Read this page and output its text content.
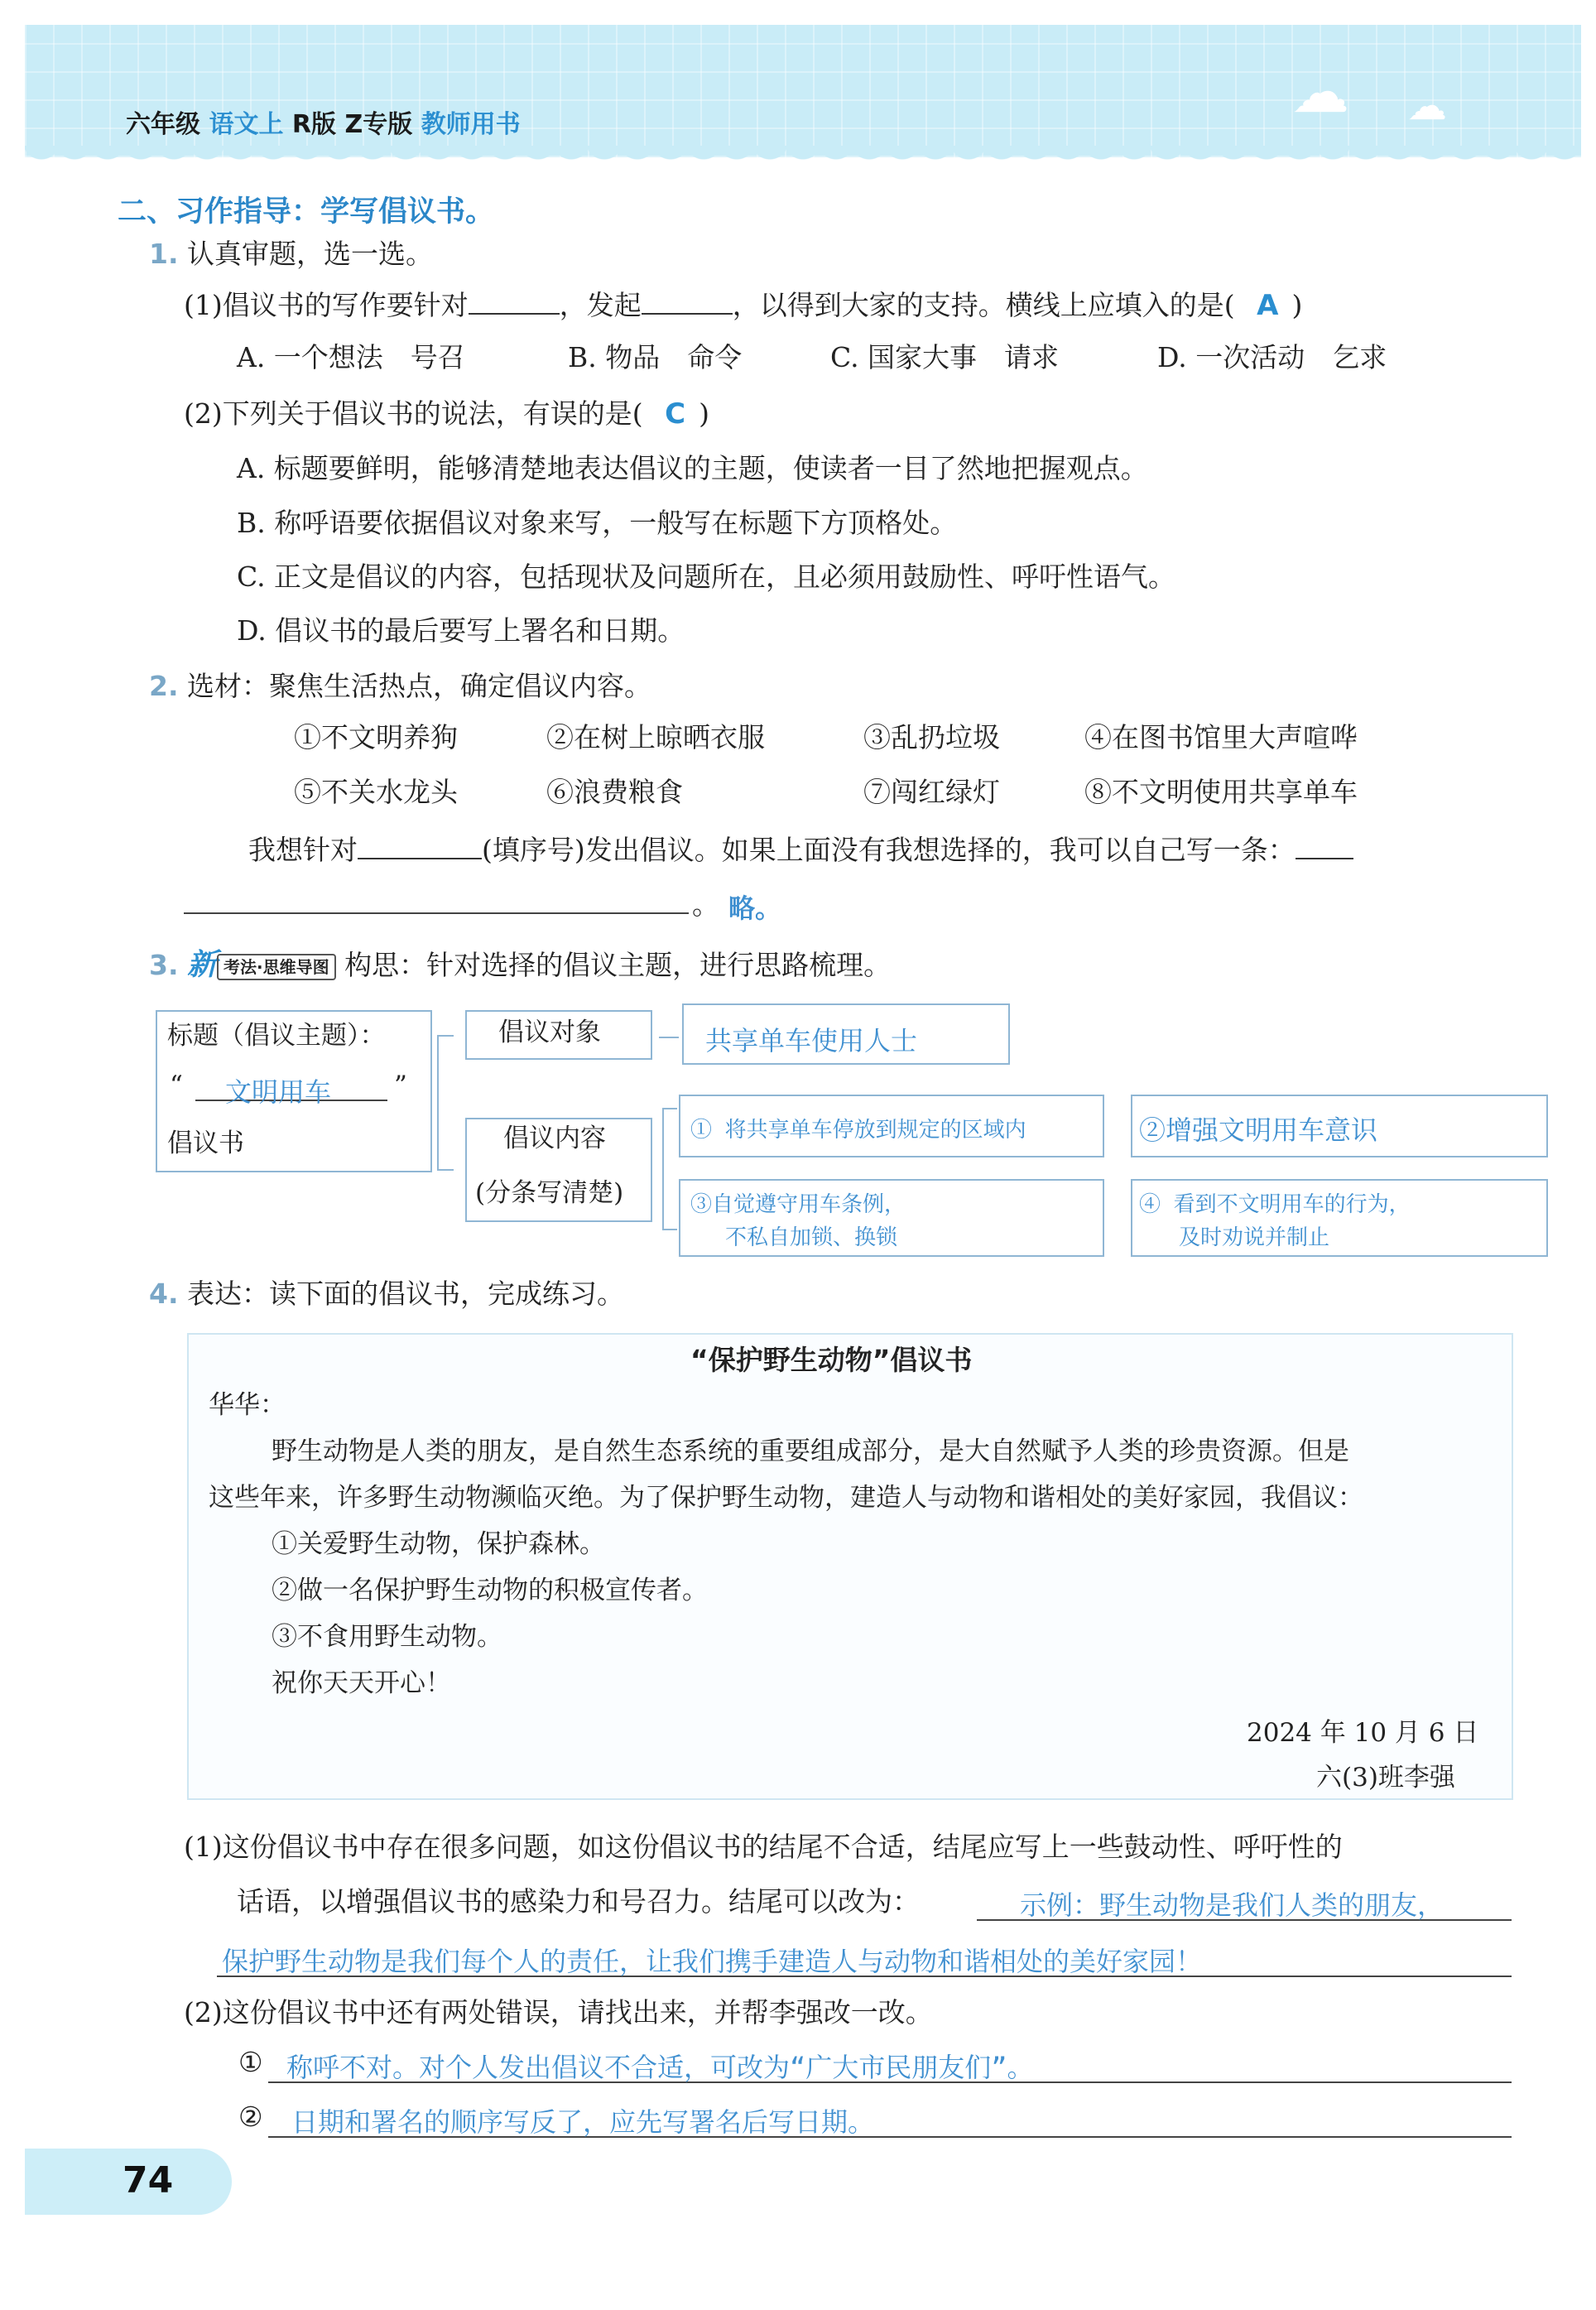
☁ ☁
六年级 语文上 R版 Z专版 教师用书
二、习作指导：学写倡议书。
1. 认真审题，选一选。
(1)倡议书的写作要针对	，发起	，以得到大家的支持。横线上应填入的是( A )
A. 一个想法　号召	B. 物品　命令	C. 国家大事　请求	D. 一次活动　乞求
(2)下列关于倡议书的说法，有误的是( C )
A. 标题要鲜明，能够清楚地表达倡议的主题，使读者一目了然地把握观点。
B. 称呼语要依据倡议对象来写，一般写在标题下方顶格处。
C. 正文是倡议的内容，包括现状及问题所在，且必须用鼓励性、呼吁性语气。
D. 倡议书的最后要写上署名和日期。
2. 选材：聚焦生活热点，确定倡议内容。
①不文明养狗	②在树上晾晒衣服	③乱扔垃圾	④在图书馆里大声喧哗
⑤不关水龙头	⑥浪费粮食	⑦闯红绿灯	⑧不文明使用共享单车
我想针对	(填序号)发出倡议。如果上面没有我想选择的，我可以自己写一条：
。 略。
3. 新 考法·思维导图 构思：针对选择的倡议主题，进行思路梳理。
标题（倡议主题）：
“ 文明用车 ”
倡议书
倡议对象	共享单车使用人士
倡议内容
(分条写清楚)
① 将共享单车停放到规定的区域内	②增强文明用车意识
③自觉遵守用车条例，
不私自加锁、换锁
④ 看到不文明用车的行为，
及时劝说并制止
4. 表达：读下面的倡议书，完成练习。
“保护野生动物”倡议书
华华：
野生动物是人类的朋友，是自然生态系统的重要组成部分，是大自然赋予人类的珍贵资源。但是
这些年来，许多野生动物濒临灭绝。为了保护野生动物，建造人与动物和谐相处的美好家园，我倡议：
①关爱野生动物，保护森林。
②做一名保护野生动物的积极宣传者。
③不食用野生动物。
祝你天天开心！
2024 年 10 月 6 日
六(3)班李强
(1)这份倡议书中存在很多问题，如这份倡议书的结尾不合适，结尾应写上一些鼓动性、呼吁性的
话语，以增强倡议书的感染力和号召力。结尾可以改为：	示例：野生动物是我们人类的朋友，
保护野生动物是我们每个人的责任，让我们携手建造人与动物和谐相处的美好家园！
(2)这份倡议书中还有两处错误，请找出来，并帮李强改一改。
① 称呼不对。对个人发出倡议不合适，可改为“广大市民朋友们”。
② 日期和署名的顺序写反了，应先写署名后写日期。
74
